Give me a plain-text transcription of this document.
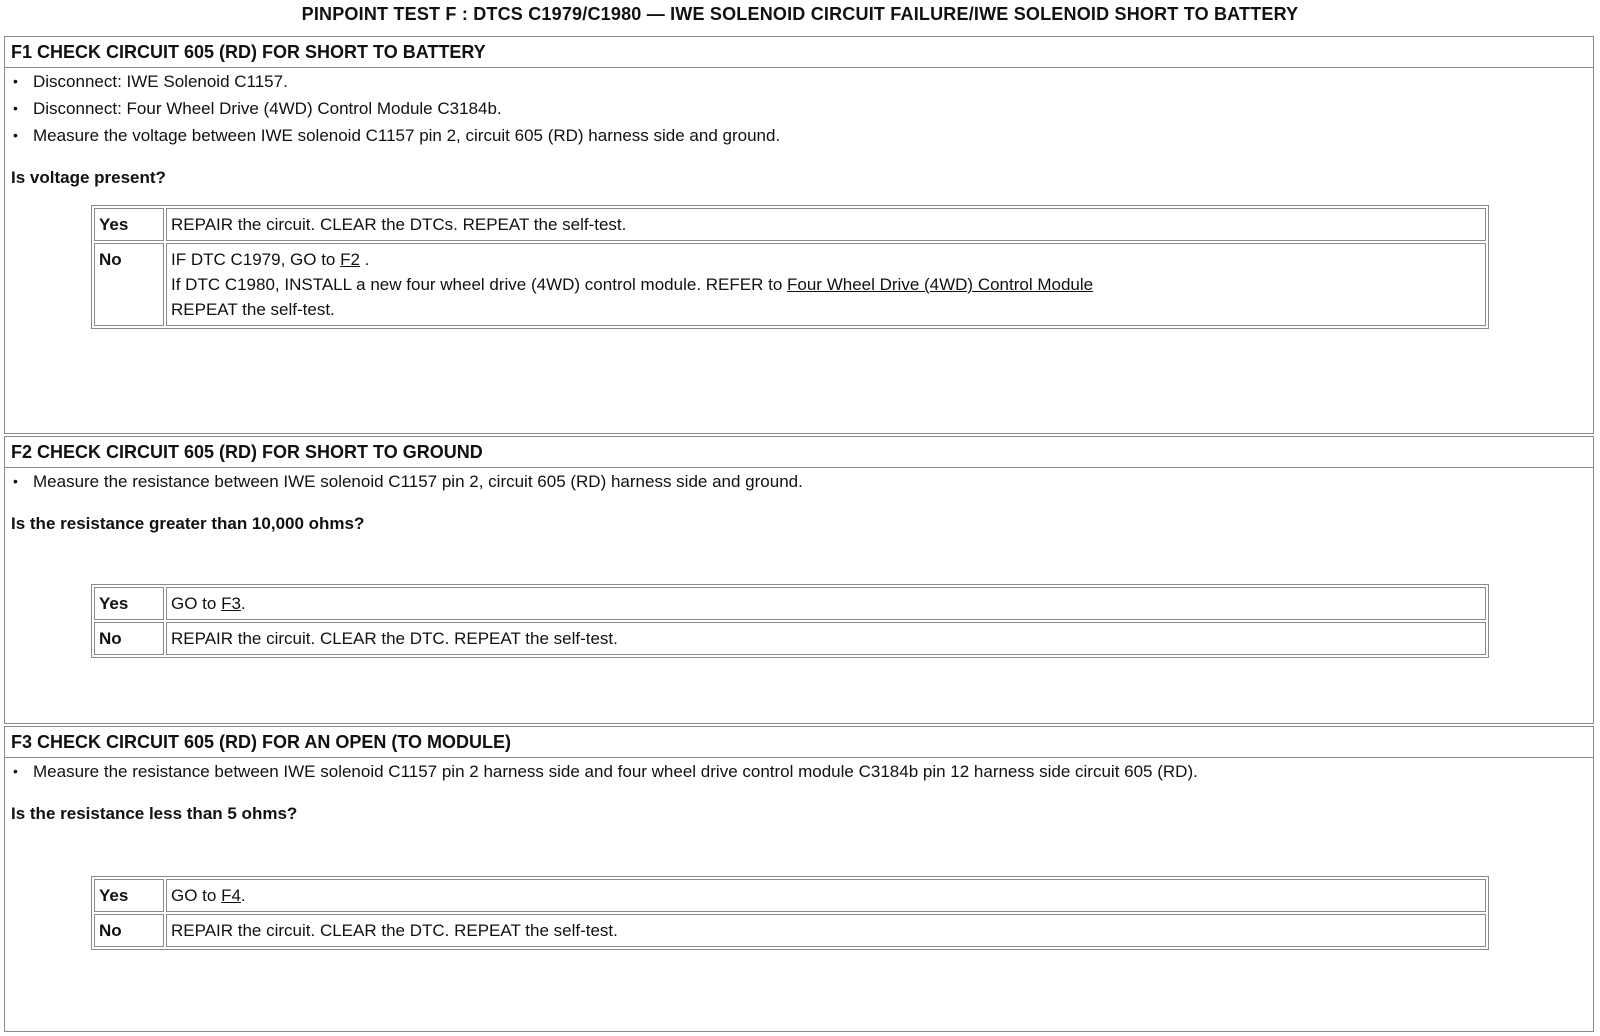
PINPOINT TEST F : DTCS C1979/C1980 — IWE SOLENOID CIRCUIT FAILURE/IWE SOLENOID SHORT TO BATTERY
F1 CHECK CIRCUIT 605 (RD) FOR SHORT TO BATTERY
• Disconnect: IWE Solenoid C1157.
• Disconnect: Four Wheel Drive (4WD) Control Module C3184b.
• Measure the voltage between IWE solenoid C1157 pin 2, circuit 605 (RD) harness side and ground.
Is voltage present?
Yes	REPAIR the circuit. CLEAR the DTCs. REPEAT the self-test.
No	IF DTC C1979, GO to F2 .
If DTC C1980, INSTALL a new four wheel drive (4WD) control module. REFER to Four Wheel Drive (4WD) Control Module
REPEAT the self-test.
F2 CHECK CIRCUIT 605 (RD) FOR SHORT TO GROUND
• Measure the resistance between IWE solenoid C1157 pin 2, circuit 605 (RD) harness side and ground.
Is the resistance greater than 10,000 ohms?
Yes	GO to F3.
No	REPAIR the circuit. CLEAR the DTC. REPEAT the self-test.
F3 CHECK CIRCUIT 605 (RD) FOR AN OPEN (TO MODULE)
• Measure the resistance between IWE solenoid C1157 pin 2 harness side and four wheel drive control module C3184b pin 12 harness side circuit 605 (RD).
Is the resistance less than 5 ohms?
Yes	GO to F4.
No	REPAIR the circuit. CLEAR the DTC. REPEAT the self-test.
